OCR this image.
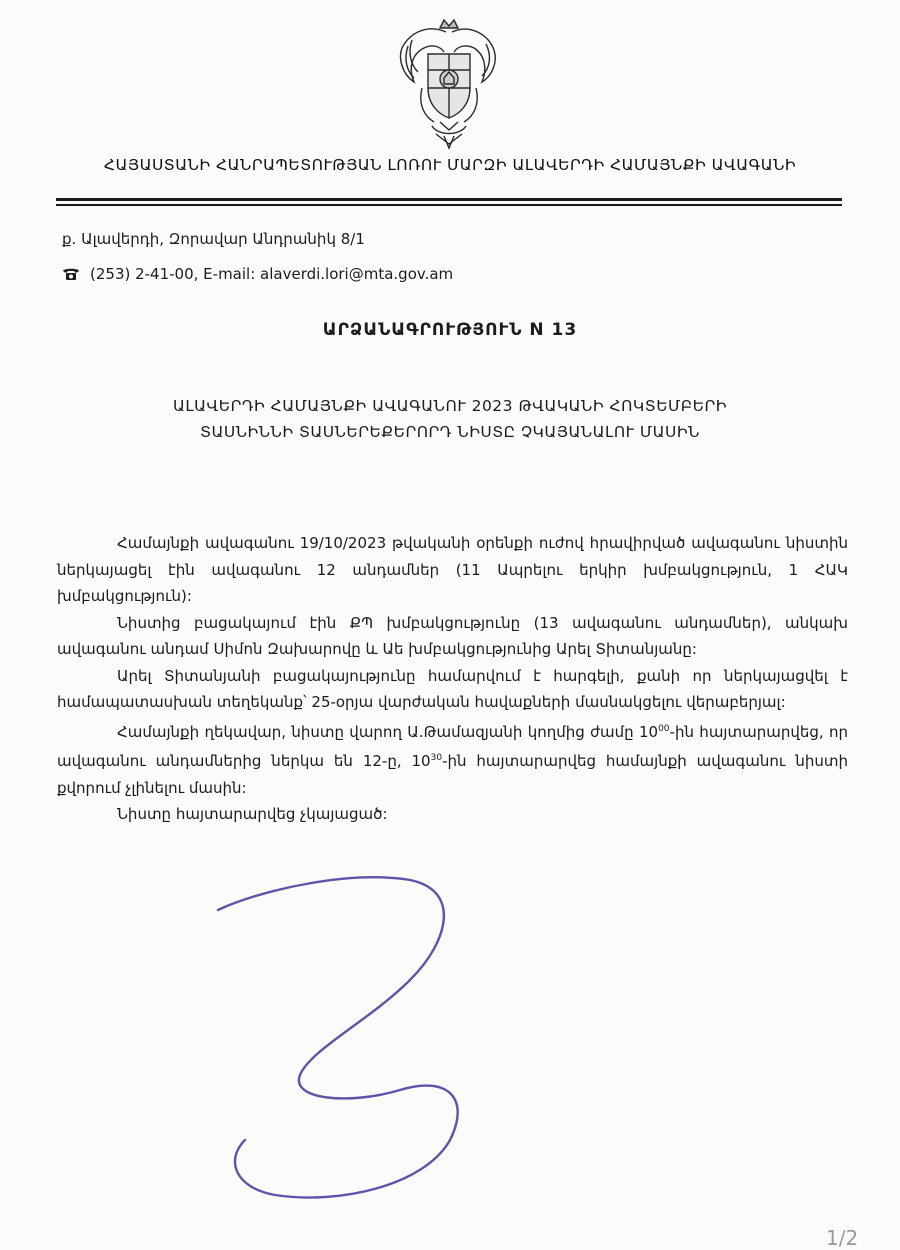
ՀԱՅԱՍՏԱՆԻ ՀԱՆՐԱՊԵՏՈՒԹՅԱՆ ԼՈՌՈՒ ՄԱՐԶԻ ԱԼԱՎԵՐԴԻ ՀԱՄԱՅՆՔԻ ԱՎԱԳԱՆԻ
ք. Ալավերդի, Զորավար Անդրանիկ 8/1
(253) 2-41-00, E-mail: alaverdi.lori@mta.gov.am
ԱՐՁԱՆԱԳՐՈՒԹՅՈՒՆ N 13
ԱԼԱՎԵՐԴԻ ՀԱՄԱՅՆՔԻ ԱՎԱԳԱՆՈՒ 2023 ԹՎԱԿԱՆԻ ՀՈԿՏԵՄԲԵՐԻ
ՏԱՍՆԻՆՆԻ ՏԱՍՆԵՐԵՔԵՐՈՐԴ ՆԻՍՏԸ ՉԿԱՅԱՆԱԼՈՒ ՄԱՍԻՆ

Համայնքի ավագանու 19/10/2023 թվականի օրենքի ուժով հրավիրված ավագանու նիստին ներկայացել էին ավագանու 12 անդամներ (11 Ապրելու երկիր խմբակցություն, 1 ՀԱԿ խմբակցություն):

Նիստից բացակայում էին ՔՊ խմբակցությունը (13 ավագանու անդամներ), անկախ ավագանու անդամ Սիմոն Զախարովը և Աե խմբակցությունից Արել Տիտանյանը:

Արել Տիտանյանի բացակայությունը համարվում է հարգելի, քանի որ ներկայացվել է համապատասխան տեղեկանք՝ 25-օրյա վարժական հավաքների մասնակցելու վերաբերյալ:

Համայնքի ղեկավար, նիստը վարող Ա.Թամազյանի կողմից ժամը $10^{00}-ին$ հայտարարվեց, որ ավագանու անդամներից ներկա են 12-ը, $10^{30}-ին$ հայտարարվեց համայնքի ավագանու նիստի քվորում չլինելու մասին:

Նիստը հայտարարվեց չկայացած:

1/2
